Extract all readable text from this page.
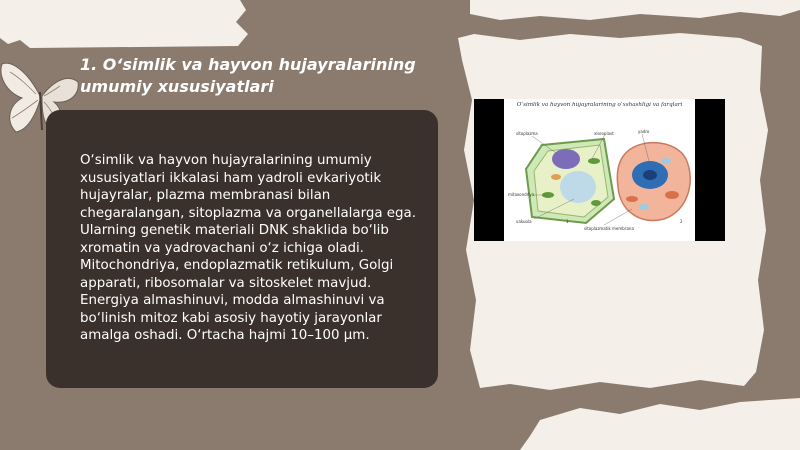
1. O‘simlik va hayvon hujayralarining umumiy xususiyatlari

O‘simlik va hayvon hujayralarining umumiy xususiyatlari ikkalasi ham yadroli evkariyotik hujayralar, plazma membranasi bilan chegaralangan, sitoplazma va organellalarga ega. Ularning genetik materiali DNK shaklida bo‘lib xromatin va yadrovachani o‘z ichiga oladi. Mitochondriya, endoplazmatik retikulum, Golgi apparati, ribosomalar va sitoskelet mavjud. Energiya almashinuvi, modda almashinuvi va bo‘linish mitoz kabi asosiy hayotiy jarayonlar amalga oshadi. O‘rtacha hajmi 10–100 µm.

O‘simlik va hayvon hujayralarining o‘xshashligi va farqlari

sitoplazma	xloroplast	yadro
mitoxondriya
vakuola
sitoplazmatik membrana
1	2
